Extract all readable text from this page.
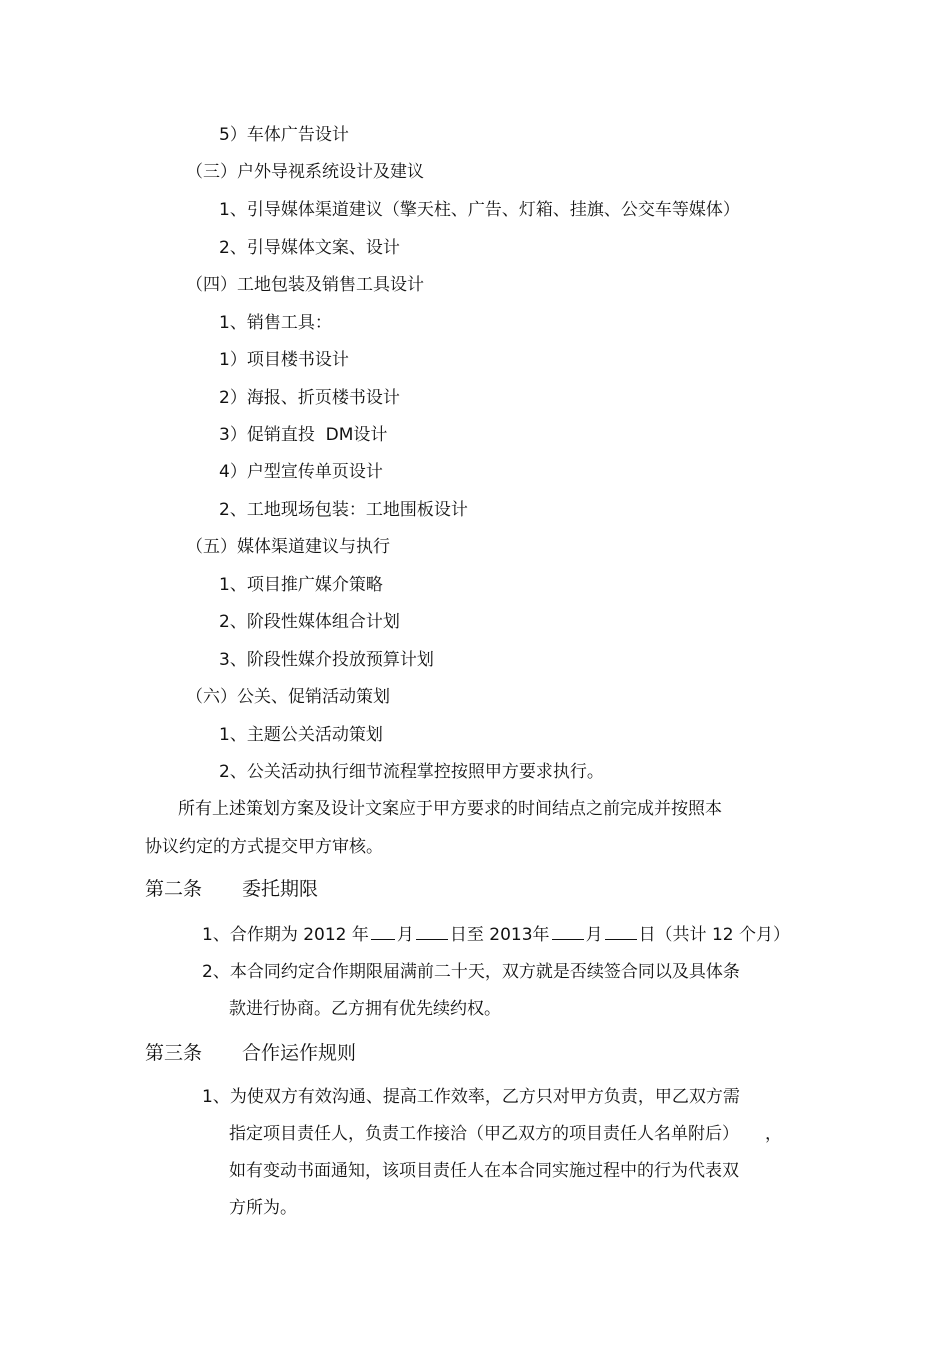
5）车体广告设计
（三）户外导视系统设计及建议
1、引导媒体渠道建议（擎天柱、广告、灯箱、挂旗、公交车等媒体）
2、引导媒体文案、设计
（四）工地包装及销售工具设计
1、销售工具：
1）项目楼书设计
2）海报、折页楼书设计
3）促销直投  DM设计
4）户型宣传单页设计
2、工地现场包装：工地围板设计
（五）媒体渠道建议与执行
1、项目推广媒介策略
2、阶段性媒体组合计划
3、阶段性媒介投放预算计划
（六）公关、促销活动策划
1、主题公关活动策划
2、公关活动执行细节流程掌控按照甲方要求执行。
所有上述策划方案及设计文案应于甲方要求的时间结点之前完成并按照本
协议约定的方式提交甲方审核。
第二条 委托期限
1、合作期为 2012 年 月 日至 2013年 月 日（共计 12 个月）
2、本合同约定合作期限届满前二十天，双方就是否续签合同以及具体条
款进行协商。乙方拥有优先续约权。
第三条 合作运作规则
1、为使双方有效沟通、提高工作效率，乙方只对甲方负责，甲乙双方需
指定项目责任人，负责工作接洽（甲乙双方的项目责任人名单附后） ，
如有变动书面通知，该项目责任人在本合同实施过程中的行为代表双
方所为。
